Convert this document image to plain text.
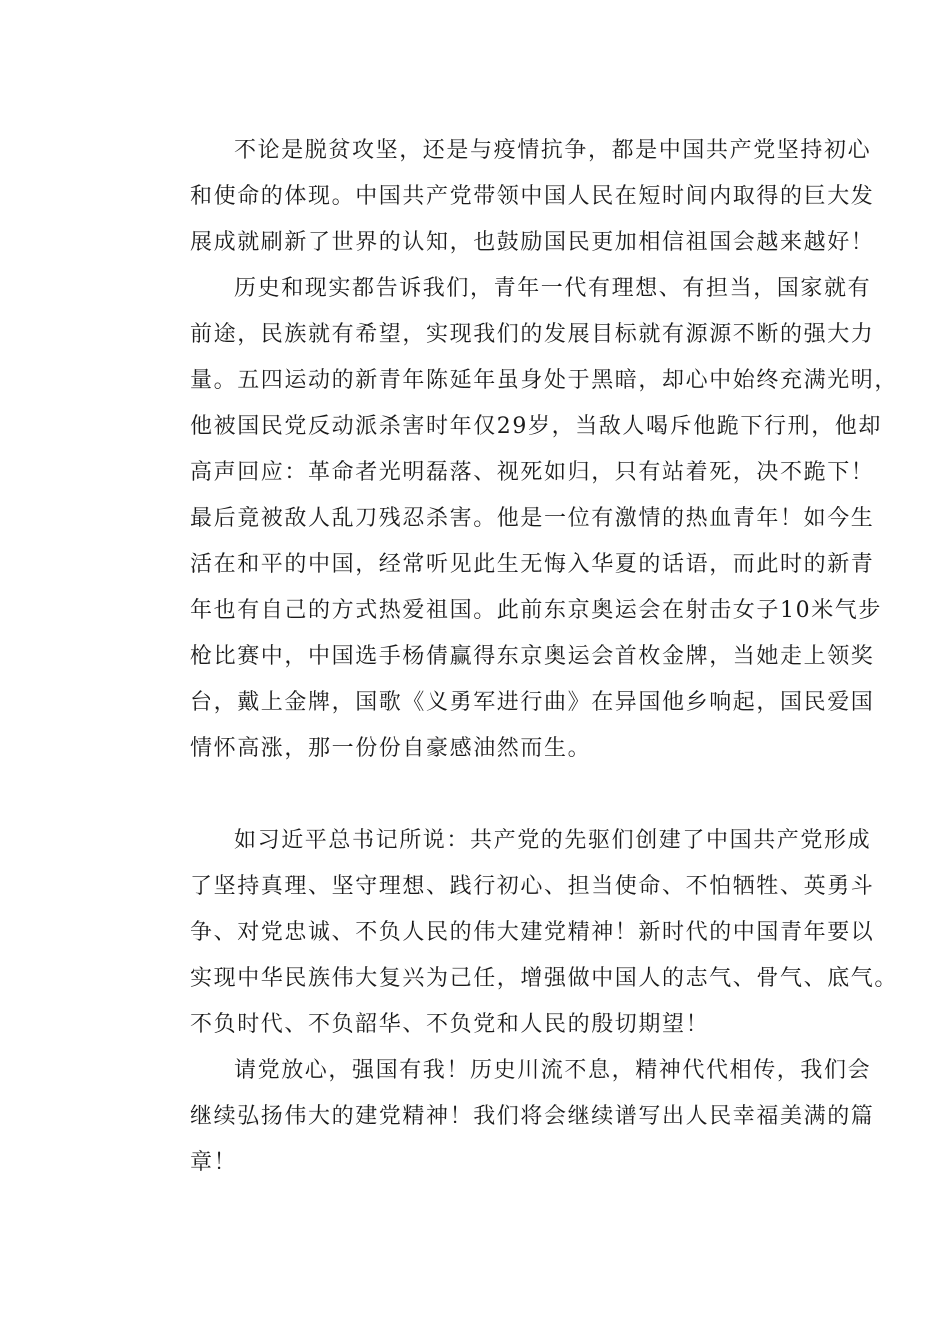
不论是脱贫攻坚，还是与疫情抗争，都是中国共产党坚持初心
和使命的体现。中国共产党带领中国人民在短时间内取得的巨大发
展成就刷新了世界的认知，也鼓励国民更加相信祖国会越来越好！
历史和现实都告诉我们，青年一代有理想、有担当，国家就有
前途，民族就有希望，实现我们的发展目标就有源源不断的强大力
量。五四运动的新青年陈延年虽身处于黑暗，却心中始终充满光明，
他被国民党反动派杀害时年仅29岁，当敌人喝斥他跪下行刑，他却
高声回应：革命者光明磊落、视死如归，只有站着死，决不跪下！
最后竟被敌人乱刀残忍杀害。他是一位有激情的热血青年！如今生
活在和平的中国，经常听见此生无悔入华夏的话语，而此时的新青
年也有自己的方式热爱祖国。此前东京奥运会在射击女子10米气步
枪比赛中，中国选手杨倩赢得东京奥运会首枚金牌，当她走上领奖
台，戴上金牌，国歌《义勇军进行曲》在异国他乡响起，国民爱国
情怀高涨，那一份份自豪感油然而生。
如习近平总书记所说：共产党的先驱们创建了中国共产党形成
了坚持真理、坚守理想、践行初心、担当使命、不怕牺牲、英勇斗
争、对党忠诚、不负人民的伟大建党精神！新时代的中国青年要以
实现中华民族伟大复兴为己任，增强做中国人的志气、骨气、底气。
不负时代、不负韶华、不负党和人民的殷切期望！
请党放心，强国有我！历史川流不息，精神代代相传，我们会
继续弘扬伟大的建党精神！我们将会继续谱写出人民幸福美满的篇
章！
